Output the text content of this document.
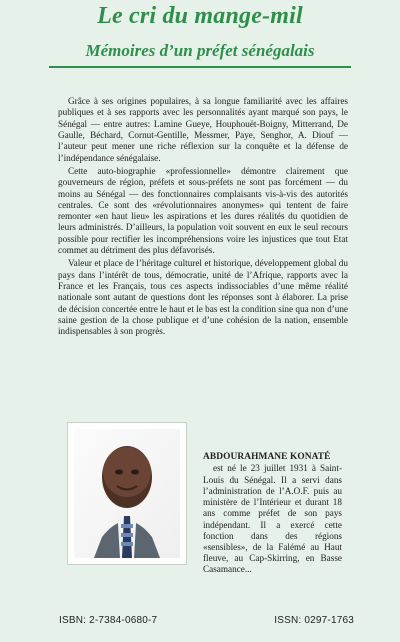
Le cri du mange-mil
Mémoires d’un préfet sénégalais

Grâce à ses origines populaires, à sa longue familiarité avec les affaires publiques et à ses rapports avec les personnalités ayant marqué son pays, le Sénégal — entre autres: Lamine Gueye, Houphouët-Boigny, Mitterrand, De Gaulle, Béchard, Cornut-Gentille, Messmer, Paye, Senghor, A. Diouf — l’auteur peut mener une riche réflexion sur la conquête et la défense de l’indépendance sénégalaise.

Cette auto-biographie «professionnelle» démontre clairement que gouverneurs de région, préfets et sous-préfets ne sont pas forcément — du moins au Sénégal — des fonctionnaires complaisants vis-à-vis des autorités centrales. Ce sont des «révolutionnaires anonymes» qui tentent de faire remonter «en haut lieu» les aspirations et les dures réalités du quotidien de leurs administrés. D’ailleurs, la population voit souvent en eux le seul recours possible pour rectifier les incompréhensions voire les injustices que tout Etat commet au détriment des plus défavorisés.

Valeur et place de l’héritage culturel et historique, développement global du pays dans l’intérêt de tous, démocratie, unité de l’Afrique, rapports avec la France et les Français, tous ces aspects indissociables d’une même réalité nationale sont autant de questions dont les réponses sont à élaborer. La prise de décision concertée entre le haut et le bas est la condition sine qua non d’une saine gestion de la chose publique et d’une cohésion de la nation, ensemble indispensables à son progrès.

ABDOURAHMANE KONATÉ
est né le 23 juillet 1931 à Saint-Louis du Sénégal. Il a servi dans l’administration de l’A.O.F. puis au ministère de l’Intérieur et durant 18 ans comme préfet de son pays indépendant. Il a exercé cette fonction dans des régions «sensibles», de la Falémé au Haut fleuve, au Cap-Skirring, en Basse Casamance...
ISBN: 2-7384-0680-7	ISSN: 0297-1763
